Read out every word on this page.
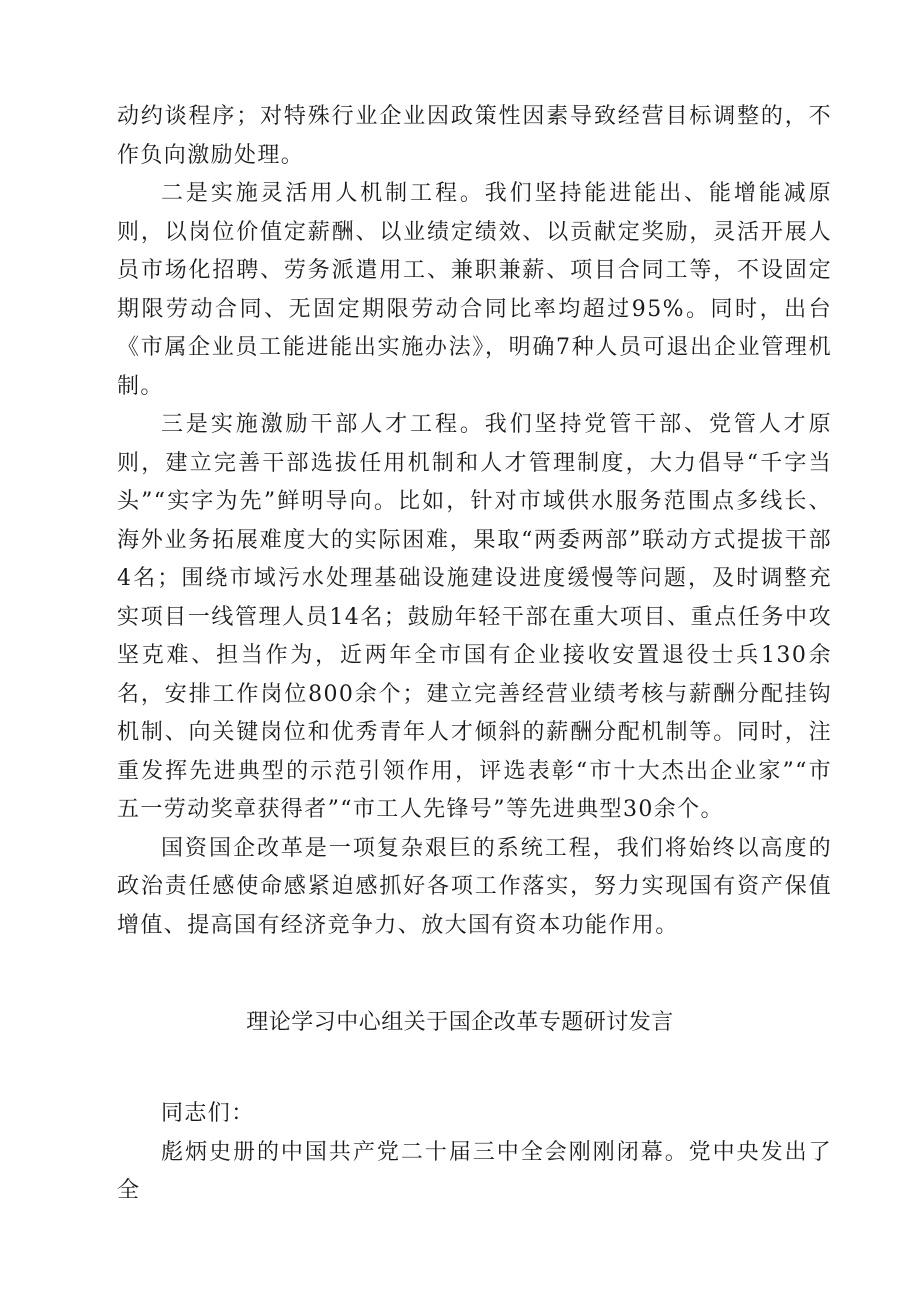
动约谈程序；对特殊行业企业因政策性因素导致经营目标调整的，不作负向激励处理。

二是实施灵活用人机制工程。我们坚持能进能出、能增能减原则，以岗位价值定薪酬、以业绩定绩效、以贡献定奖励，灵活开展人员市场化招聘、劳务派遣用工、兼职兼薪、项目合同工等，不设固定期限劳动合同、无固定期限劳动合同比率均超过95%。同时，出台《市属企业员工能进能出实施办法》，明确7种人员可退出企业管理机制。

三是实施激励干部人才工程。我们坚持党管干部、党管人才原则，建立完善干部选拔任用机制和人才管理制度，大力倡导“千字当头”“实字为先”鲜明导向。比如，针对市域供水服务范围点多线长、海外业务拓展难度大的实际困难，果取“两委两部”联动方式提拔干部4名；围绕市域污水处理基础设施建设进度缓慢等问题，及时调整充实项目一线管理人员14名；鼓励年轻干部在重大项目、重点任务中攻坚克难、担当作为，近两年全市国有企业接收安置退役士兵130余名，安排工作岗位800余个；建立完善经营业绩考核与薪酬分配挂钩机制、向关键岗位和优秀青年人才倾斜的薪酬分配机制等。同时，注重发挥先进典型的示范引领作用，评选表彰“市十大杰出企业家”“市五一劳动奖章获得者”“市工人先锋号”等先进典型30余个。

国资国企改革是一项复杂艰巨的系统工程，我们将始终以高度的政治责任感使命感紧迫感抓好各项工作落实，努力实现国有资产保值增值、提高国有经济竞争力、放大国有资本功能作用。

理论学习中心组关于国企改革专题研讨发言

同志们：

彪炳史册的中国共产党二十届三中全会刚刚闭幕。党中央发出了全
